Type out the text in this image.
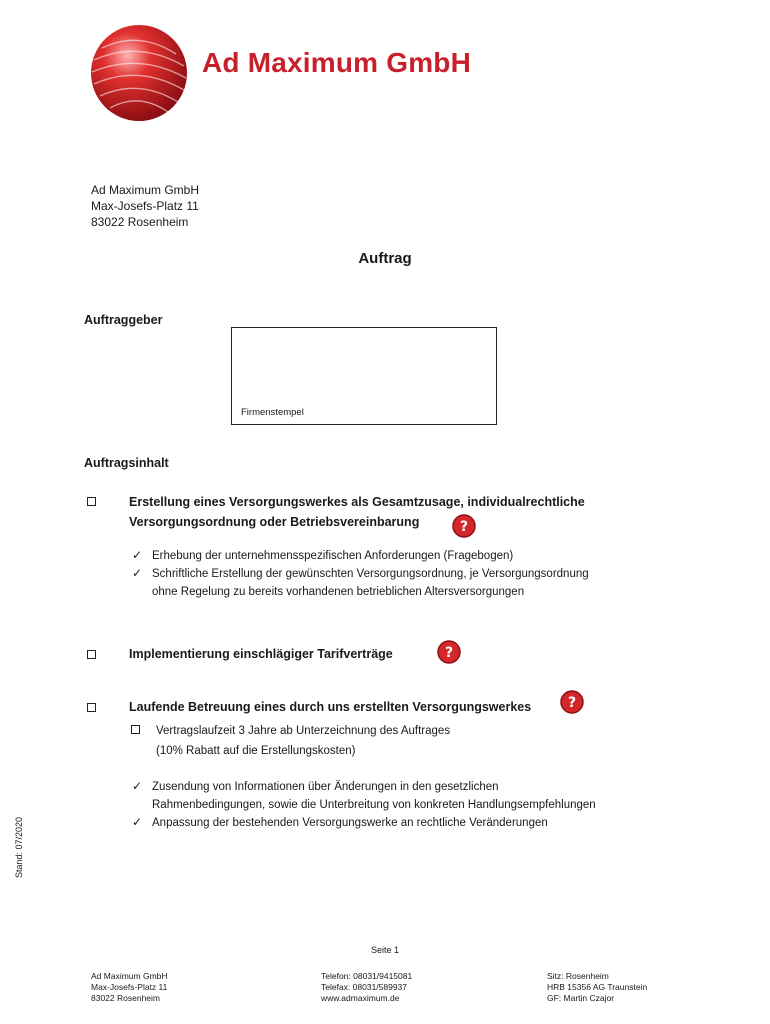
Ad Maximum GmbH
Ad Maximum GmbH
Max-Josefs-Platz 11
83022 Rosenheim
Auftrag
Auftraggeber
Firmenstempel
Auftragsinhalt
Erstellung eines Versorgungswerkes als Gesamtzusage, individualrechtliche
Versorgungsordnung oder Betriebsvereinbarung	?
✓ Erhebung der unternehmensspezifischen Anforderungen (Fragebogen)
✓ Schriftliche Erstellung der gewünschten Versorgungsordnung, je Versorgungsordnung
ohne Regelung zu bereits vorhandenen betrieblichen Altersversorgungen
Implementierung einschlägiger Tarifverträge	?
Laufende Betreuung eines durch uns erstellten Versorgungswerkes	?
Vertragslaufzeit 3 Jahre ab Unterzeichnung des Auftrages
(10% Rabatt auf die Erstellungskosten)
✓ Zusendung von Informationen über Änderungen in den gesetzlichen
Rahmenbedingungen, sowie die Unterbreitung von konkreten Handlungsempfehlungen
✓ Anpassung der bestehenden Versorgungswerke an rechtliche Veränderungen
Stand: 07/2020
Seite 1
Ad Maximum GmbH
Max-Josefs-Platz 11
83022 Rosenheim
Telefon: 08031/9415081
Telefax: 08031/589937
www.admaximum.de
Sitz: Rosenheim
HRB 15356 AG Traunstein
GF: Martin Czajor
